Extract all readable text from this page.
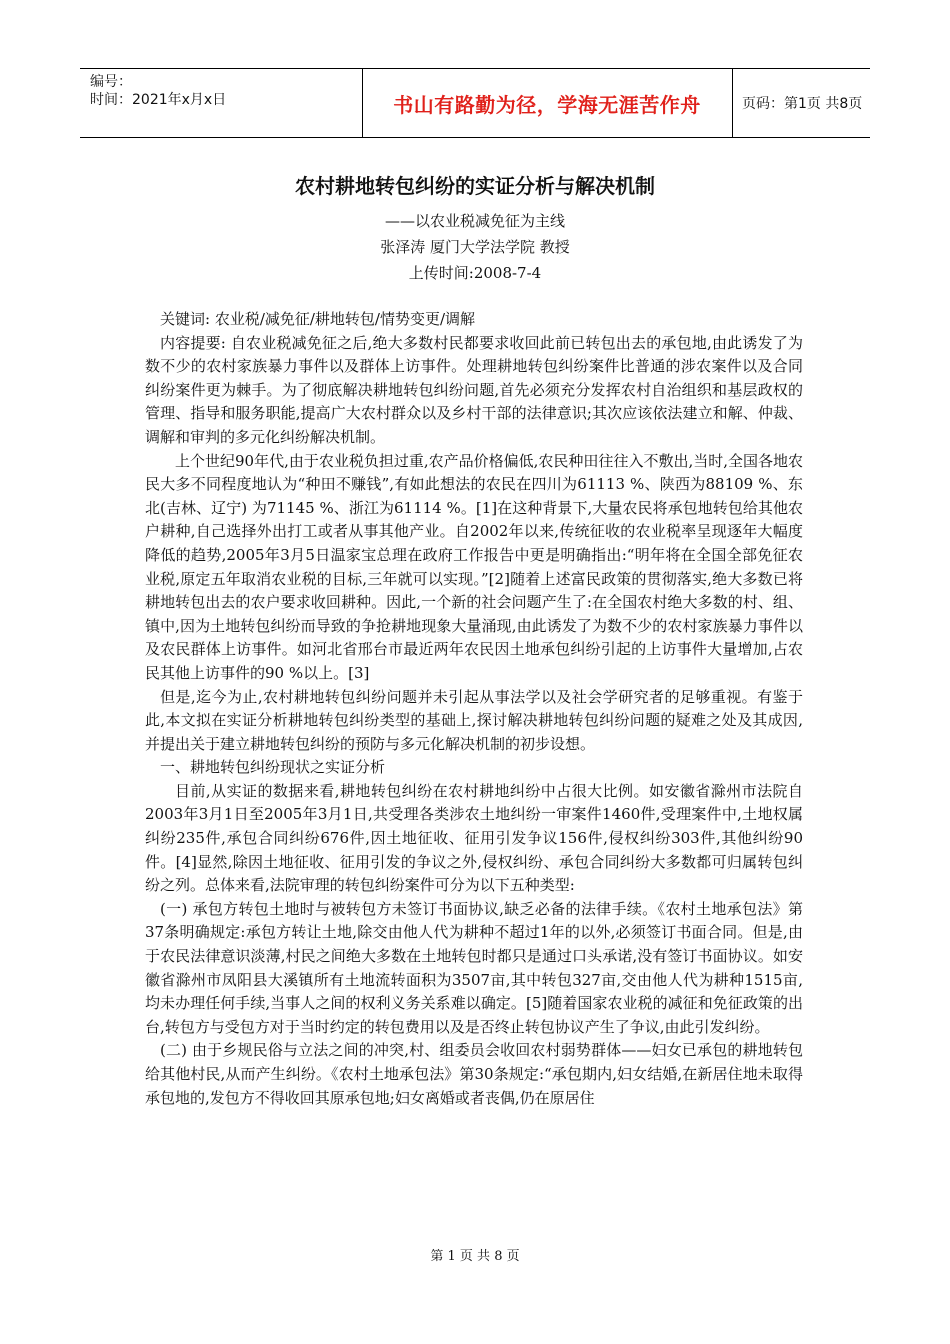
编号：
时间：2021年x月x日	书山有路勤为径，学海无涯苦作舟	页码：第1页 共8页
农村耕地转包纠纷的实证分析与解决机制
——以农业税减免征为主线
张泽涛 厦门大学法学院 教授
上传时间:2008-7-4

关键词: 农业税/减免征/耕地转包/情势变更/调解

内容提要: 自农业税减免征之后,绝大多数村民都要求收回此前已转包出去的承包地,由此诱发了为数不少的农村家族暴力事件以及群体上访事件。处理耕地转包纠纷案件比普通的涉农案件以及合同纠纷案件更为棘手。为了彻底解决耕地转包纠纷问题,首先必须充分发挥农村自治组织和基层政权的管理、指导和服务职能,提高广大农村群众以及乡村干部的法律意识;其次应该依法建立和解、仲裁、调解和审判的多元化纠纷解决机制。

上个世纪90年代,由于农业税负担过重,农产品价格偏低,农民种田往往入不敷出,当时,全国各地农民大多不同程度地认为“种田不赚钱”,有如此想法的农民在四川为61113 %、陕西为88109 %、东北(吉林、辽宁) 为71145 %、浙江为61114 %。[1]在这种背景下,大量农民将承包地转包给其他农户耕种,自己选择外出打工或者从事其他产业。自2002年以来,传统征收的农业税率呈现逐年大幅度降低的趋势,2005年3月5日温家宝总理在政府工作报告中更是明确指出:“明年将在全国全部免征农业税,原定五年取消农业税的目标,三年就可以实现。”[2]随着上述富民政策的贯彻落实,绝大多数已将耕地转包出去的农户要求收回耕种。因此,一个新的社会问题产生了:在全国农村绝大多数的村、组、镇中,因为土地转包纠纷而导致的争抢耕地现象大量涌现,由此诱发了为数不少的农村家族暴力事件以及农民群体上访事件。如河北省邢台市最近两年农民因土地承包纠纷引起的上访事件大量增加,占农民其他上访事件的90 %以上。[3]

但是,迄今为止,农村耕地转包纠纷问题并未引起从事法学以及社会学研究者的足够重视。有鉴于此,本文拟在实证分析耕地转包纠纷类型的基础上,探讨解决耕地转包纠纷问题的疑难之处及其成因,并提出关于建立耕地转包纠纷的预防与多元化解决机制的初步设想。

一、耕地转包纠纷现状之实证分析

目前,从实证的数据来看,耕地转包纠纷在农村耕地纠纷中占很大比例。如安徽省滁州市法院自2003年3月1日至2005年3月1日,共受理各类涉农土地纠纷一审案件1460件,受理案件中,土地权属纠纷235件,承包合同纠纷676件,因土地征收、征用引发争议156件,侵权纠纷303件,其他纠纷90件。[4]显然,除因土地征收、征用引发的争议之外,侵权纠纷、承包合同纠纷大多数都可归属转包纠纷之列。总体来看,法院审理的转包纠纷案件可分为以下五种类型:

(一) 承包方转包土地时与被转包方未签订书面协议,缺乏必备的法律手续。《农村土地承包法》第37条明确规定:承包方转让土地,除交由他人代为耕种不超过1年的以外,必须签订书面合同。但是,由于农民法律意识淡薄,村民之间绝大多数在土地转包时都只是通过口头承诺,没有签订书面协议。如安徽省滁州市凤阳县大溪镇所有土地流转面积为3507亩,其中转包327亩,交由他人代为耕种1515亩,均未办理任何手续,当事人之间的权利义务关系难以确定。[5]随着国家农业税的减征和免征政策的出台,转包方与受包方对于当时约定的转包费用以及是否终止转包协议产生了争议,由此引发纠纷。

(二) 由于乡规民俗与立法之间的冲突,村、组委员会收回农村弱势群体——妇女已承包的耕地转包给其他村民,从而产生纠纷。《农村土地承包法》第30条规定:“承包期内,妇女结婚,在新居住地未取得承包地的,发包方不得收回其原承包地;妇女离婚或者丧偶,仍在原居住

第 1 页 共 8 页
